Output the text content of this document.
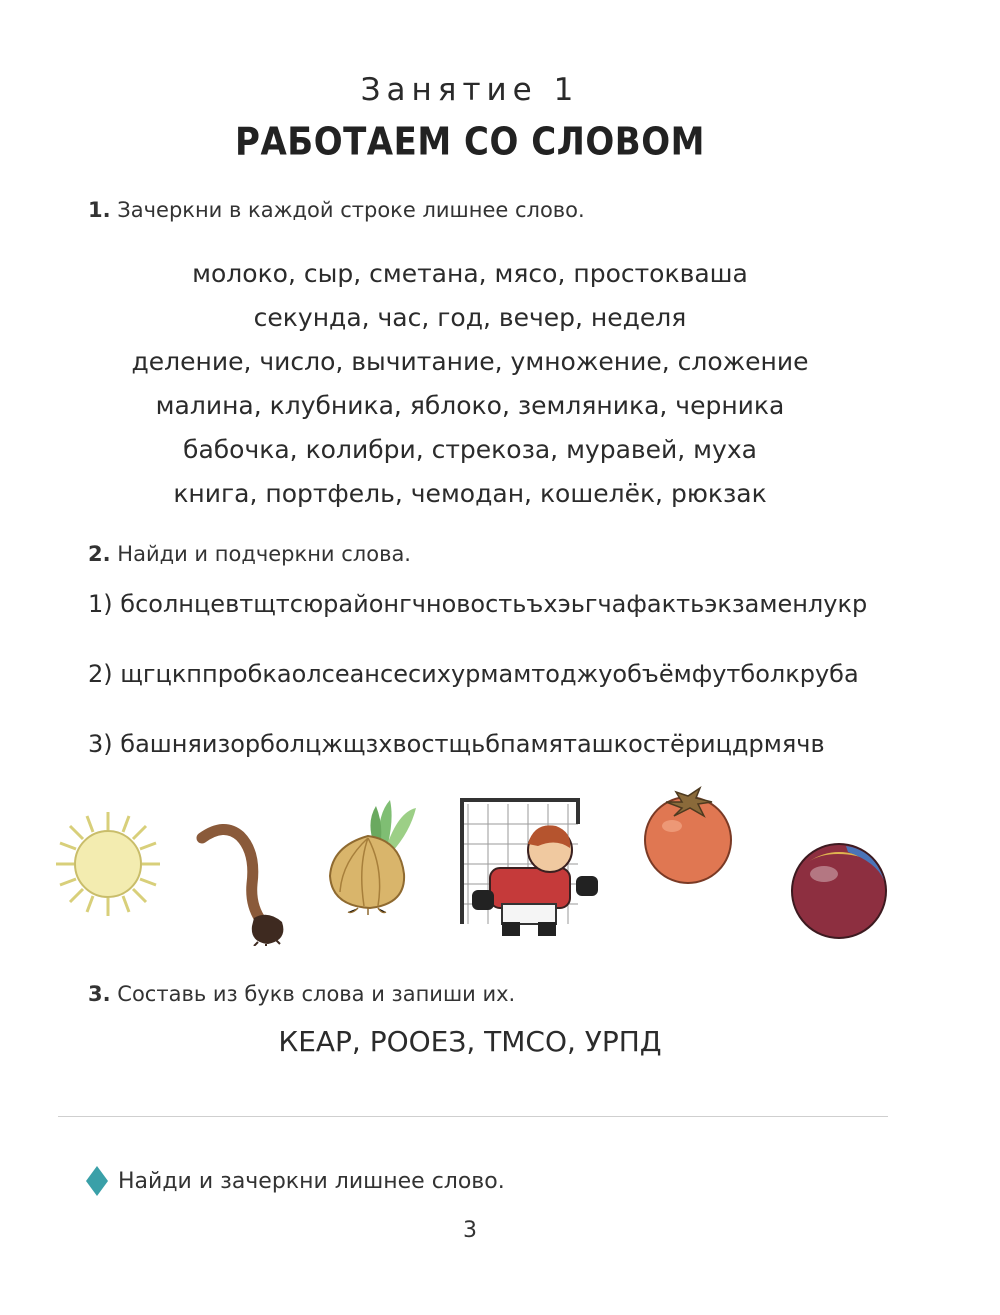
Занятие 1
РАБОТАЕМ СО СЛОВОМ
1. Зачеркни в каждой строке лишнее слово.
молоко, сыр, сметана, мясо, простокваша
секунда, час, год, вечер, неделя
деление, число, вычитание, умножение, сложение
малина, клубника, яблоко, земляника, черника
бабочка, колибри, стрекоза, муравей, муха
книга, портфель, чемодан, кошелёк, рюкзак
2. Найди и подчеркни слова.
1) бсолнцевтщтсюрайонгчновостьъхэьгчафактьэкзаменлукр
2) щгцкппробкаолсеансесихурмамтоджуобъёмфутболкруба
3) башняизорболцжщзхвостщьбпамяташкостёрицдрмячв
3. Составь из букв слова и запиши их.
КЕАР, РООЕЗ, ТМСО, УРПД
Найди и зачеркни лишнее слово.
3
